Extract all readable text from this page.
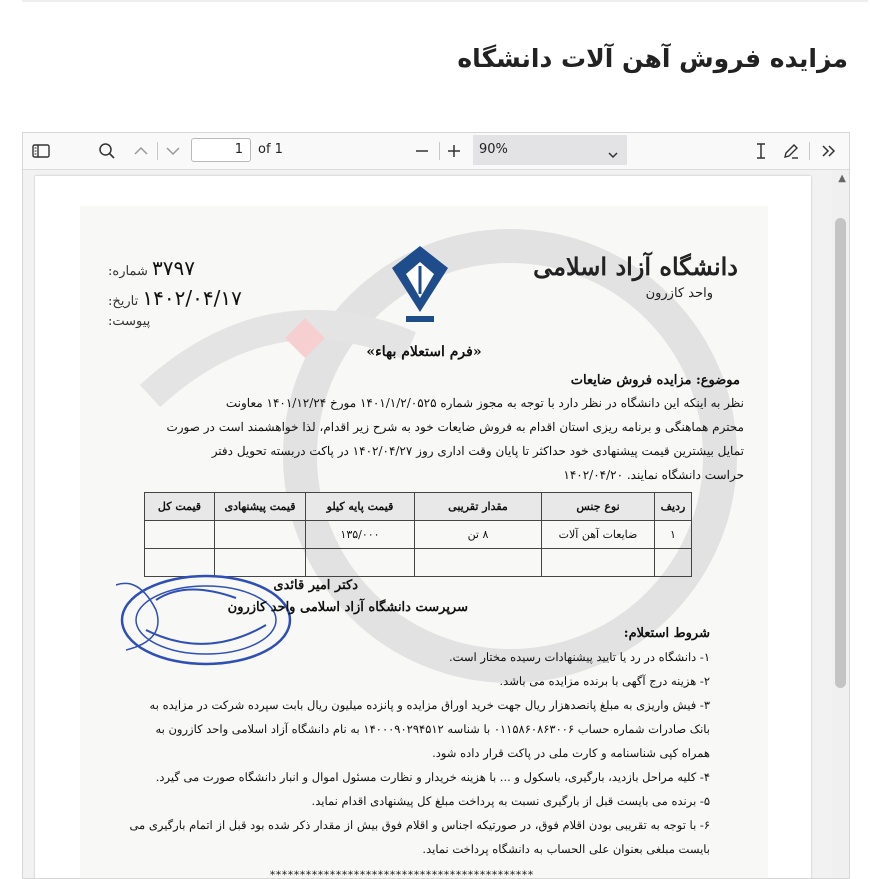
مزایده فروش آهن آلات دانشگاه
1	of 1	90%
دانشگاه آزاد اسلامی
واحد کازرون
۳۷۹۷ شماره:
۱۴۰۲/۰۴/۱۷ تاریخ:
پیوست:
«فرم استعلام بهاء»
موضوع: مزایده فروش ضایعات
نظر به اینکه این دانشگاه در نظر دارد با توجه به مجوز شماره ۱۴۰۱/۱/۲/۰۵۲۵ مورخ ۱۴۰۱/۱۲/۲۴ معاونت
محترم هماهنگی و برنامه ریزی استان اقدام به فروش ضایعات خود به شرح زیر اقدام، لذا خواهشمند است در صورت
تمایل بیشترین قیمت پیشنهادی خود حداکثر تا پایان وقت اداری روز ۱۴۰۲/۰۴/۲۷ در پاکت دربسته تحویل دفتر
حراست دانشگاه نمایند. ۱۴۰۲/۰۴/۲۰
ردیف	نوع جنس	مقدار تقریبی	قیمت پایه کیلو	قیمت پیشنهادی	قیمت کل
۱	ضایعات آهن آلات	۸ تن	۱۳۵/۰۰۰		

دکتر امیر قائدی
سرپرست دانشگاه آزاد اسلامی واحد کازرون
شروط استعلام:
۱- دانشگاه در رد یا تایید پیشنهادات رسیده مختار است.
۲- هزینه درج آگهی با برنده مزایده می باشد.
۳- فیش واریزی به مبلغ پانصدهزار ریال جهت خرید اوراق مزایده و پانزده میلیون ریال بابت سپرده شرکت در مزایده به
بانک صادرات شماره حساب ۰۱۱۵۸۶۰۸۶۳۰۰۶ با شناسه ۱۴۰۰۰۹۰۲۹۴۵۱۲ به نام دانشگاه آزاد اسلامی واحد کازرون به
همراه کپی شناسنامه و کارت ملی در پاکت قرار داده شود.
۴- کلیه مراحل بازدید، بارگیری، باسکول و ... با هزینه خریدار و نظارت مسئول اموال و انبار دانشگاه صورت می گیرد.
۵- برنده می بایست قبل از بارگیری نسبت به پرداخت مبلغ کل پیشنهادی اقدام نماید.
۶- با توجه به تقریبی بودن اقلام فوق، در صورتیکه اجناس و اقلام فوق بیش از مقدار ذکر شده بود قبل از اتمام بارگیری می
بایست مبلغی بعنوان علی الحساب به دانشگاه پرداخت نماید.
********************************************
▲
